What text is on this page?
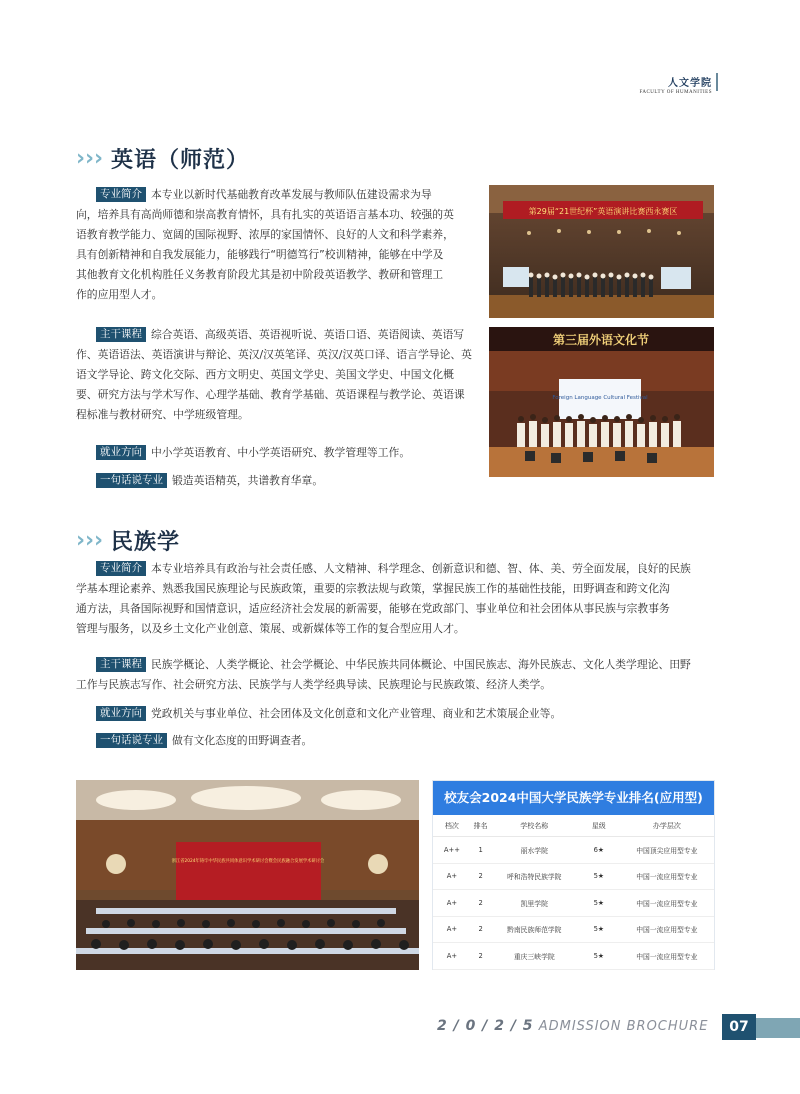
人文学院
FACULTY OF HUMANITIES
› › › 英语（师范）
专业简介 本专业以新时代基础教育改革发展与教师队伍建设需求为导
向，培养具有高尚师德和崇高教育情怀，具有扎实的英语语言基本功、较强的英
语教育教学能力、宽阔的国际视野、浓厚的家国情怀、良好的人文和科学素养，
具有创新精神和自我发展能力，能够践行“明德笃行”校训精神，能够在中学及
其他教育文化机构胜任义务教育阶段尤其是初中阶段英语教学、教研和管理工
作的应用型人才。
主干课程 综合英语、高级英语、英语视听说、英语口语、英语阅读、英语写
作、英语语法、英语演讲与辩论、英汉/汉英笔译、英汉/汉英口译、语言学导论、英
语文学导论、跨文化交际、西方文明史、英国文学史、美国文学史、中国文化概
要、研究方法与学术写作、心理学基础、教育学基础、英语课程与教学论、英语课
程标准与教材研究、中学班级管理。
就业方向 中小学英语教育、中小学英语研究、教学管理等工作。
一句话说专业 锻造英语精英，共谱教育华章。
第29届“21世纪杯”英语演讲比赛西永赛区
第三届外语文化节
Foreign Language Cultural Festival
› › › 民族学
专业简介 本专业培养具有政治与社会责任感、人文精神、科学理念、创新意识和德、智、体、美、劳全面发展，良好的民族
学基本理论素养、熟悉我国民族理论与民族政策，重要的宗教法规与政策，掌握民族工作的基础性技能，田野调查和跨文化沟
通方法，具备国际视野和国情意识，适应经济社会发展的新需要，能够在党政部门、事业单位和社会团体从事民族与宗教事务
管理与服务，以及乡土文化产业创意、策展、或新媒体等工作的复合型应用人才。
主干课程 民族学概论、人类学概论、社会学概论、中华民族共同体概论、中国民族志、海外民族志、文化人类学理论、田野
工作与民族志写作、社会研究方法、民族学与人类学经典导读、民族理论与民族政策、经济人类学。
就业方向 党政机关与事业单位、社会团体及文化创意和文化产业管理、商业和艺术策展企业等。
一句话说专业 做有文化态度的田野调查者。
浙江省2024年铸牢中华民族共同体意识学术研讨会暨会民族融合发展学术研讨会
校友会2024中国大学民族学专业排名(应用型)
档次	排名	学校名称	星级	办学层次
A++	1	丽水学院	6★	中国顶尖应用型专业
A+	2	呼和浩特民族学院	5★	中国一流应用型专业
A+	2	凯里学院	5★	中国一流应用型专业
A+	2	黔南民族师范学院	5★	中国一流应用型专业
A+	2	重庆三峡学院	5★	中国一流应用型专业
2 / 0 / 2 / 5 ADMISSION BROCHURE	07
